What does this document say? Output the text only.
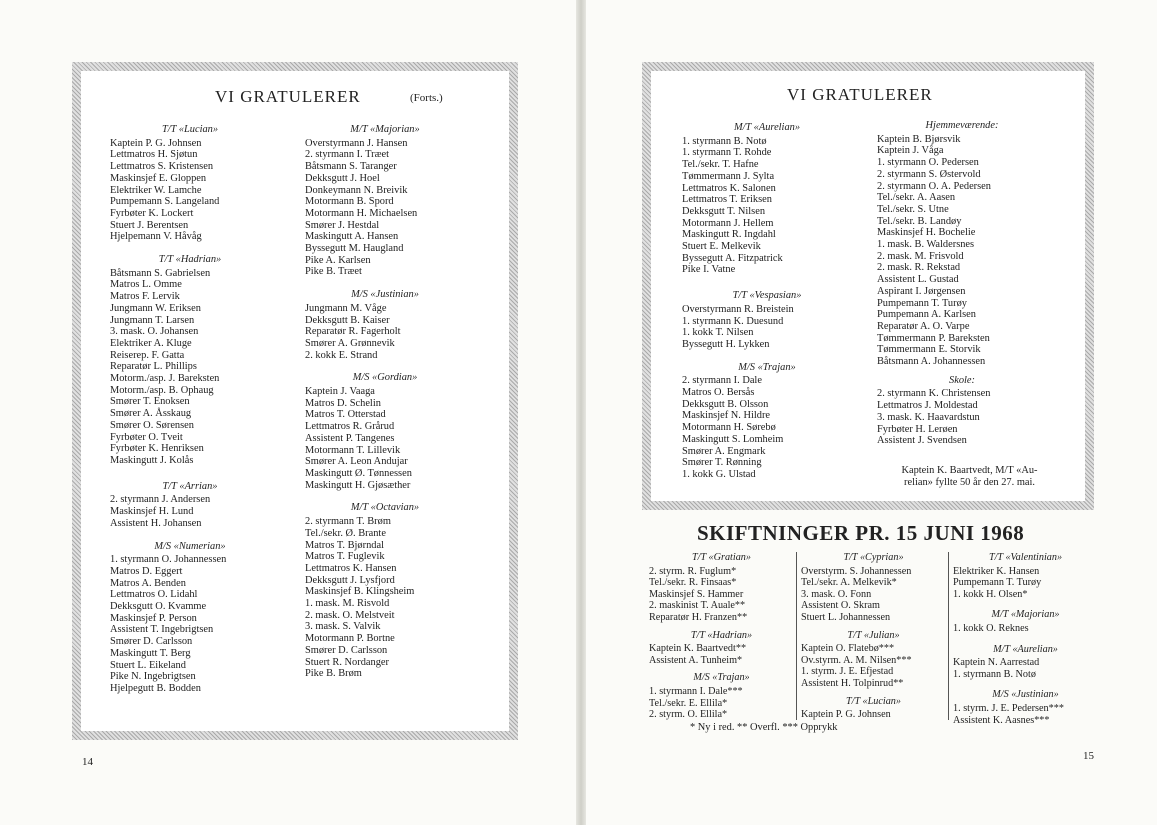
VI GRATULERER	(Forts.)
T/T «Lucian»
Kaptein P. G. Johnsen
Lettmatros H. Sjøtun
Lettmatros S. Kristensen
Maskinsjef E. Gloppen
Elektriker W. Lamche
Pumpemann S. Langeland
Fyrbøter K. Lockert
Stuert J. Berentsen
Hjelpemann V. Håvåg
T/T «Hadrian»
Båtsmann S. Gabrielsen
Matros L. Omme
Matros F. Lervik
Jungmann W. Eriksen
Jungmann T. Larsen
3. mask. O. Johansen
Elektriker A. Kluge
Reiserep. F. Gatta
Reparatør L. Phillips
Motorm./asp. J. Bareksten
Motorm./asp. B. Ophaug
Smører T. Enoksen
Smører A. Åsskaug
Smører O. Sørensen
Fyrbøter O. Tveit
Fyrbøter K. Henriksen
Maskingutt J. Kolås
T/T «Arrian»
2. styrmann J. Andersen
Maskinsjef H. Lund
Assistent H. Johansen
M/S «Numerian»
1. styrmann O. Johannessen
Matros D. Eggert
Matros A. Benden
Lettmatros O. Lidahl
Dekksgutt O. Kvamme
Maskinsjef P. Person
Assistent T. Ingebrigtsen
Smører D. Carlsson
Maskingutt T. Berg
Stuert L. Eikeland
Pike N. Ingebrigtsen
Hjelpegutt B. Bodden
M/T «Majorian»
Overstyrmann J. Hansen
2. styrmann I. Træet
Båtsmann S. Taranger
Dekksgutt J. Hoel
Donkeymann N. Breivik
Motormann B. Spord
Motormann H. Michaelsen
Smører J. Hestdal
Maskingutt A. Hansen
Byssegutt M. Haugland
Pike A. Karlsen
Pike B. Træet
M/S «Justinian»
Jungmann M. Våge
Dekksgutt B. Kaiser
Reparatør R. Fagerholt
Smører A. Grønnevik
2. kokk E. Strand
M/S «Gordian»
Kaptein J. Vaaga
Matros D. Schelin
Matros T. Otterstad
Lettmatros R. Grårud
Assistent P. Tangenes
Motormann T. Lillevik
Smører A. Leon Andujar
Maskingutt Ø. Tønnessen
Maskingutt H. Gjøsæther
M/T «Octavian»
2. styrmann T. Brøm
Tel./sekr. Ø. Brante
Matros T. Bjørndal
Matros T. Fuglevik
Lettmatros K. Hansen
Dekksgutt J. Lysfjord
Maskinsjef B. Klingsheim
1. mask. M. Risvold
2. mask. O. Melstveit
3. mask. S. Valvik
Motormann P. Bortne
Smører D. Carlsson
Stuert R. Nordanger
Pike B. Brøm
14
VI GRATULERER
M/T «Aurelian»
1. styrmann B. Notø
1. styrmann T. Rohde
Tel./sekr. T. Hafne
Tømmermann J. Sylta
Lettmatros K. Salonen
Lettmatros T. Eriksen
Dekksgutt T. Nilsen
Motormann J. Hellem
Maskingutt R. Ingdahl
Stuert E. Melkevik
Byssegutt A. Fitzpatrick
Pike I. Vatne
T/T «Vespasian»
Overstyrmann R. Breistein
1. styrmann K. Duesund
1. kokk T. Nilsen
Byssegutt H. Lykken
M/S «Trajan»
2. styrmann I. Dale
Matros O. Bersås
Dekksgutt B. Olsson
Maskinsjef N. Hildre
Motormann H. Sørebø
Maskingutt S. Lomheim
Smører A. Engmark
Smører T. Rønning
1. kokk G. Ulstad
Hjemmeværende:
Kaptein B. Bjørsvik
Kaptein J. Våga
1. styrmann O. Pedersen
2. styrmann S. Østervold
2. styrmann O. A. Pedersen
Tel./sekr. A. Aasen
Tel./sekr. S. Utne
Tel./sekr. B. Landøy
Maskinsjef H. Bochelie
1. mask. B. Waldersnes
2. mask. M. Frisvold
2. mask. R. Rekstad
Assistent L. Gustad
Aspirant I. Jørgensen
Pumpemann T. Turøy
Pumpemann A. Karlsen
Reparatør A. O. Varpe
Tømmermann P. Bareksten
Tømmermann E. Storvik
Båtsmann A. Johannessen
Skole:
2. styrmann K. Christensen
Lettmatros J. Moldestad
3. mask. K. Haavardstun
Fyrbøter H. Lerøen
Assistent J. Svendsen
Kaptein K. Baartvedt, M/T «Au-
relian» fyllte 50 år den 27. mai.
SKIFTNINGER PR. 15 JUNI 1968
T/T «Gratian»
2. styrm. R. Fuglum*
Tel./sekr. R. Finsaas*
Maskinsjef S. Hammer
2. maskinist T. Auale**
Reparatør H. Franzen**
T/T «Hadrian»
Kaptein K. Baartvedt**
Assistent A. Tunheim*
M/S «Trajan»
1. styrmann I. Dale***
Tel./sekr. E. Ellila*
2. styrm. O. Ellila*
T/T «Cyprian»
Overstyrm. S. Johannessen
Tel./sekr. A. Melkevik*
3. mask. O. Fonn
Assistent O. Skram
Stuert L. Johannessen
T/T «Julian»
Kaptein O. Flatebø***
Ov.styrm. A. M. Nilsen***
1. styrm. J. E. Efjestad
Assistent H. Tolpinrud**
T/T «Lucian»
Kaptein P. G. Johnsen
T/T «Valentinian»
Elektriker K. Hansen
Pumpemann T. Turøy
1. kokk H. Olsen*
M/T «Majorian»
1. kokk O. Reknes
M/T «Aurelian»
Kaptein N. Aarrestad
1. styrmann B. Notø
M/S «Justinian»
1. styrm. J. E. Pedersen***
Assistent K. Aasnes***
* Ny i red. ** Overfl. *** Opprykk
15
